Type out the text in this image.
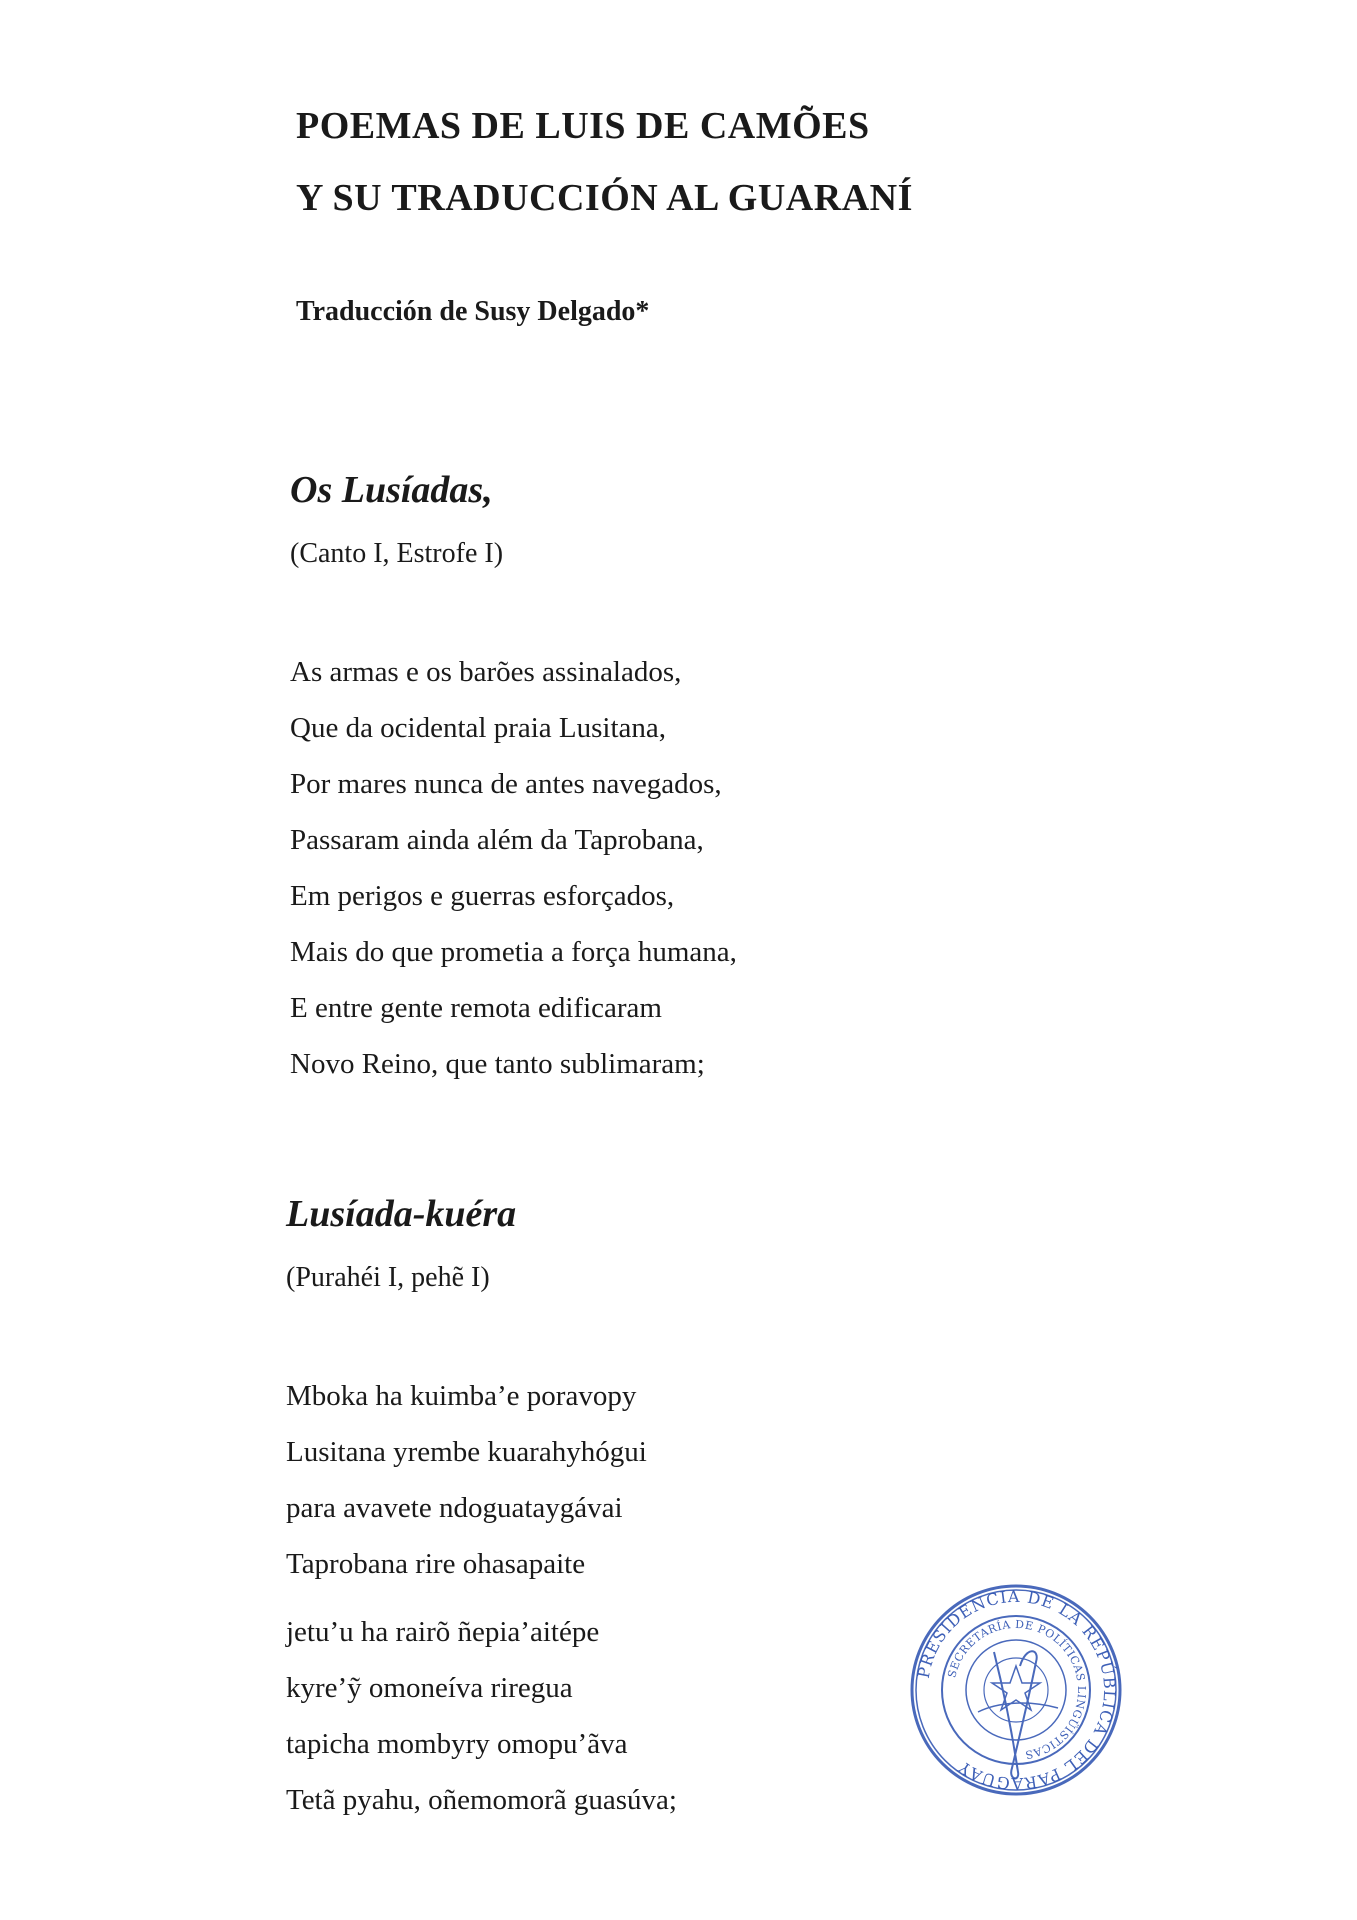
POEMAS DE LUIS DE CAMÕES
Y SU TRADUCCIÓN AL GUARANÍ
Traducción de Susy Delgado*
Os Lusíadas,
(Canto I, Estrofe I)
As armas e os barões assinalados,
Que da ocidental praia Lusitana,
Por mares nunca de antes navegados,
Passaram ainda além da Taprobana,
Em perigos e guerras esforçados,
Mais do que prometia a força humana,
E entre gente remota edificaram
Novo Reino, que tanto sublimaram;
Lusíada-kuéra
(Purahéi I, pehẽ I)
Mboka ha kuimba’e poravopy
Lusitana yrembe kuarahyhógui
para avavete ndoguataygávai
Taprobana rire ohasapaite
jetu’u ha rairõ ñepia’aitépe
kyre’ỹ omoneíva riregua
tapicha mombyry omopu’ãva
Tetã pyahu, oñemomorã guasúva;
PRESIDENCIA DE LA REPÚBLICA DEL PARAGUAY
SECRETARÍA DE POLÍTICAS LINGÜÍSTICAS
